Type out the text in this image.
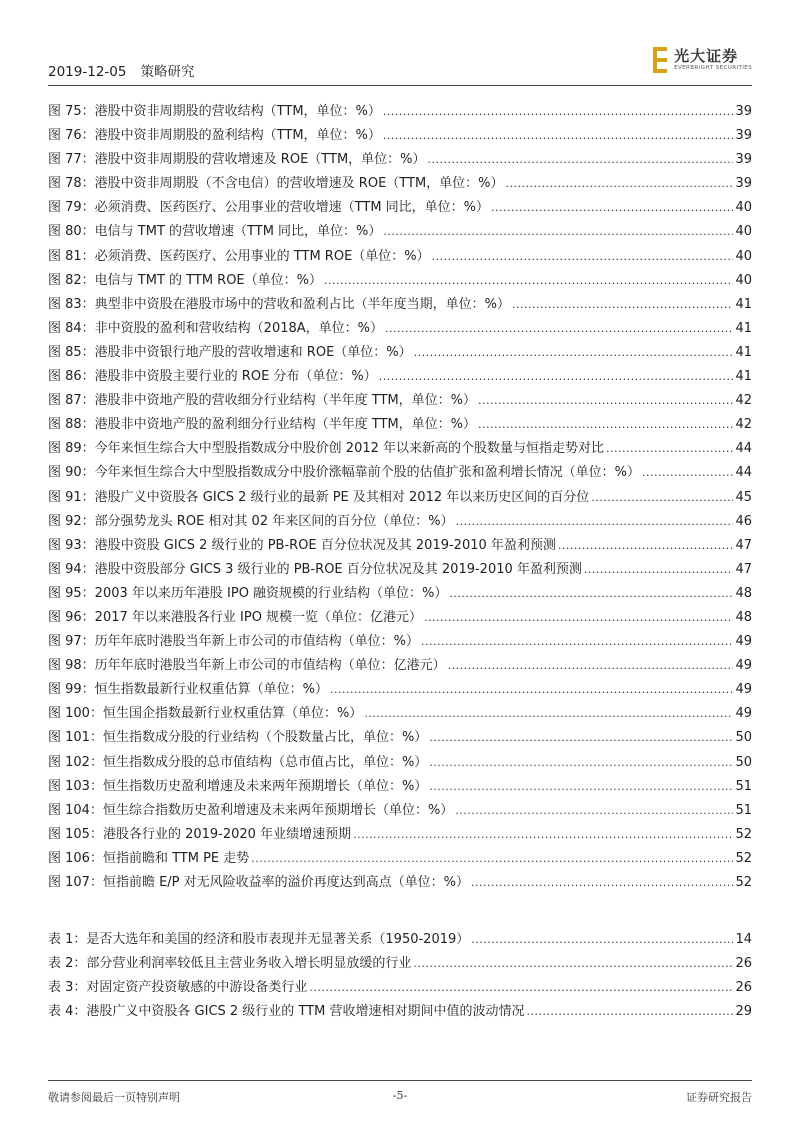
2019-12-05 策略研究
光大证券
EVERBRIGHT SECURITIES
图 75：港股中资非周期股的营收结构（TTM，单位：%） .....	39
图 76：港股中资非周期股的盈利结构（TTM，单位：%） .....	39
图 77：港股中资非周期股的营收增速及 ROE（TTM，单位：%） .....	39
图 78：港股中资非周期股（不含电信）的营收增速及 ROE（TTM，单位：%） .....	39
图 79：必须消费、医药医疗、公用事业的营收增速（TTM 同比，单位：%） .....	40
图 80：电信与 TMT 的营收增速（TTM 同比，单位：%） .....	40
图 81：必须消费、医药医疗、公用事业的 TTM ROE（单位：%） .....	40
图 82：电信与 TMT 的 TTM ROE（单位：%） .....	40
图 83：典型非中资股在港股市场中的营收和盈利占比（半年度当期，单位：%） .....	41
图 84：非中资股的盈利和营收结构（2018A，单位：%） .....	41
图 85：港股非中资银行地产股的营收增速和 ROE（单位：%） .....	41
图 86：港股非中资股主要行业的 ROE 分布（单位：%） .....	41
图 87：港股非中资地产股的营收细分行业结构（半年度 TTM，单位：%） .....	42
图 88：港股非中资地产股的盈利细分行业结构（半年度 TTM，单位：%） .....	42
图 89：今年来恒生综合大中型股指数成分中股价创 2012 年以来新高的个股数量与恒指走势对比 .....	44
图 90：今年来恒生综合大中型股指数成分中股价涨幅靠前个股的估值扩张和盈利增长情况（单位：%） .....	44
图 91：港股广义中资股各 GICS 2 级行业的最新 PE 及其相对 2012 年以来历史区间的百分位 .....	45
图 92：部分强势龙头 ROE 相对其 02 年来区间的百分位（单位：%） .....	46
图 93：港股中资股 GICS 2 级行业的 PB-ROE 百分位状况及其 2019-2010 年盈利预测 .....	47
图 94：港股中资股部分 GICS 3 级行业的 PB-ROE 百分位状况及其 2019-2010 年盈利预测 .....	47
图 95：2003 年以来历年港股 IPO 融资规模的行业结构（单位：%） .....	48
图 96：2017 年以来港股各行业 IPO 规模一览（单位：亿港元） .....	48
图 97：历年年底时港股当年新上市公司的市值结构（单位：%） .....	49
图 98：历年年底时港股当年新上市公司的市值结构（单位：亿港元） .....	49
图 99：恒生指数最新行业权重估算（单位：%） .....	49
图 100：恒生国企指数最新行业权重估算（单位：%） .....	49
图 101：恒生指数成分股的行业结构（个股数量占比，单位：%） .....	50
图 102：恒生指数成分股的总市值结构（总市值占比，单位：%） .....	50
图 103：恒生指数历史盈利增速及未来两年预期增长（单位：%） .....	51
图 104：恒生综合指数历史盈利增速及未来两年预期增长（单位：%） .....	51
图 105：港股各行业的 2019-2020 年业绩增速预期 .....	52
图 106：恒指前瞻和 TTM PE 走势 .....	52
图 107：恒指前瞻 E/P 对无风险收益率的溢价再度达到高点（单位：%） .....	52
表 1：是否大选年和美国的经济和股市表现并无显著关系（1950-2019） .....	14
表 2：部分营业利润率较低且主营业务收入增长明显放缓的行业 .....	26
表 3：对固定资产投资敏感的中游设备类行业 .....	26
表 4：港股广义中资股各 GICS 2 级行业的 TTM 营收增速相对期间中值的波动情况 .....	29
敬请参阅最后一页特别声明	-5-	证券研究报告
